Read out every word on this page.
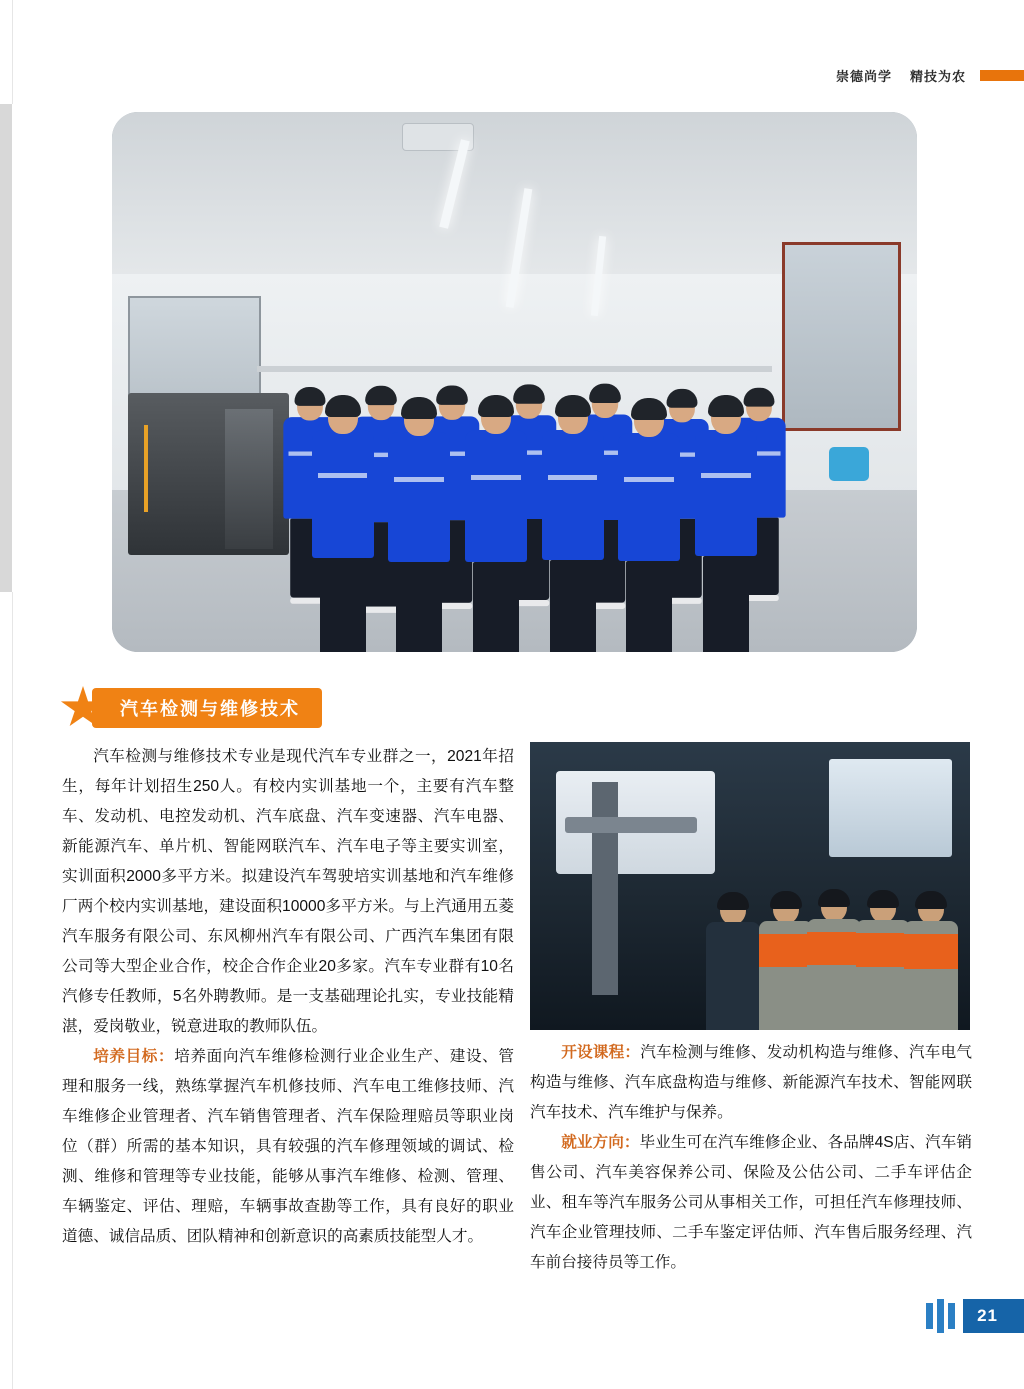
崇德尚学 精技为农
汽车检测与维修技术

汽车检测与维修技术专业是现代汽车专业群之一，2021年招生，每年计划招生250人。有校内实训基地一个，主要有汽车整车、发动机、电控发动机、汽车底盘、汽车变速器、汽车电器、新能源汽车、单片机、智能网联汽车、汽车电子等主要实训室，实训面积2000多平方米。拟建设汽车驾驶培实训基地和汽车维修厂两个校内实训基地，建设面积10000多平方米。与上汽通用五菱汽车服务有限公司、东风柳州汽车有限公司、广西汽车集团有限公司等大型企业合作，校企合作企业20多家。汽车专业群有10名汽修专任教师，5名外聘教师。是一支基础理论扎实，专业技能精湛，爱岗敬业，锐意进取的教师队伍。

培养目标：培养面向汽车维修检测行业企业生产、建设、管理和服务一线，熟练掌握汽车机修技师、汽车电工维修技师、汽车维修企业管理者、汽车销售管理者、汽车保险理赔员等职业岗位（群）所需的基本知识，具有较强的汽车修理领域的调试、检测、维修和管理等专业技能，能够从事汽车维修、检测、管理、车辆鉴定、评估、理赔，车辆事故查勘等工作，具有良好的职业道德、诚信品质、团队精神和创新意识的高素质技能型人才。

开设课程：汽车检测与维修、发动机构造与维修、汽车电气构造与维修、汽车底盘构造与维修、新能源汽车技术、智能网联汽车技术、汽车维护与保养。

就业方向：毕业生可在汽车维修企业、各品牌4S店、汽车销售公司、汽车美容保养公司、保险及公估公司、二手车评估企业、租车等汽车服务公司从事相关工作，可担任汽车修理技师、汽车企业管理技师、二手车鉴定评估师、汽车售后服务经理、汽车前台接待员等工作。

21
